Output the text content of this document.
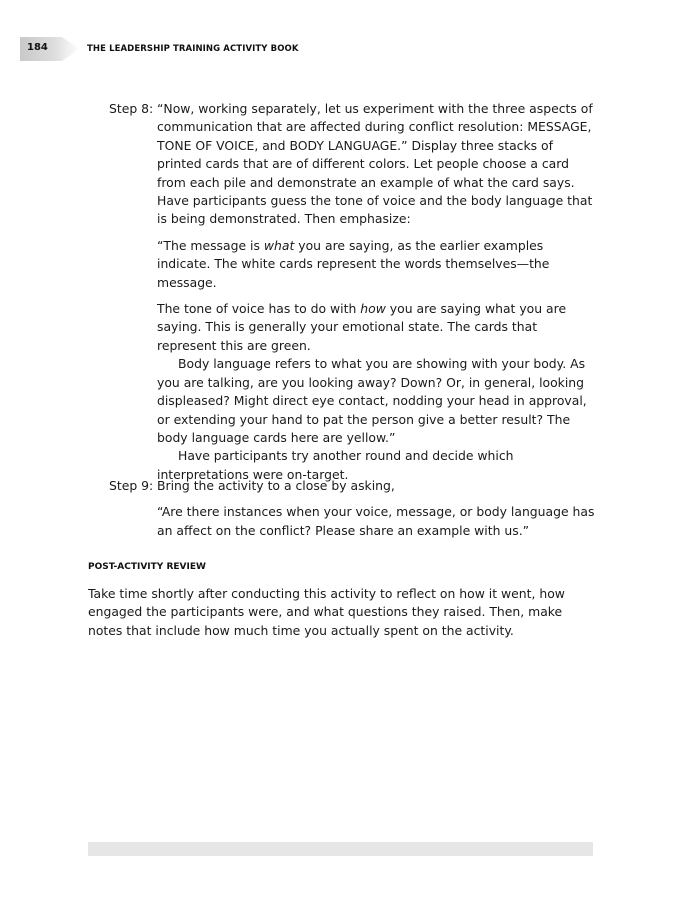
184	THE LEADERSHIP TRAINING ACTIVITY BOOK
Step 8: “Now, working separately, let us experiment with the three aspects of communication that are affected during conflict resolution: MESSAGE, TONE OF VOICE, and BODY LANGUAGE.” Display three stacks of printed cards that are of different colors. Let people choose a card from each pile and demonstrate an example of what the card says. Have participants guess the tone of voice and the body language that is being demonstrated. Then emphasize:

“The message is what you are saying, as the earlier examples indicate. The white cards represent the words themselves—the message.

The tone of voice has to do with how you are saying what you are saying. This is generally your emotional state. The cards that represent this are green.

Body language refers to what you are showing with your body. As you are talking, are you looking away? Down? Or, in general, looking displeased? Might direct eye contact, nodding your head in approval, or extending your hand to pat the person give a better result? The body language cards here are yellow.”

Have participants try another round and decide which interpretations were on-target.

Step 9: Bring the activity to a close by asking,

“Are there instances when your voice, message, or body language has an affect on the conflict? Please share an example with us.”

POST-ACTIVITY REVIEW

Take time shortly after conducting this activity to reflect on how it went, how engaged the participants were, and what questions they raised. Then, make notes that include how much time you actually spent on the activity.
